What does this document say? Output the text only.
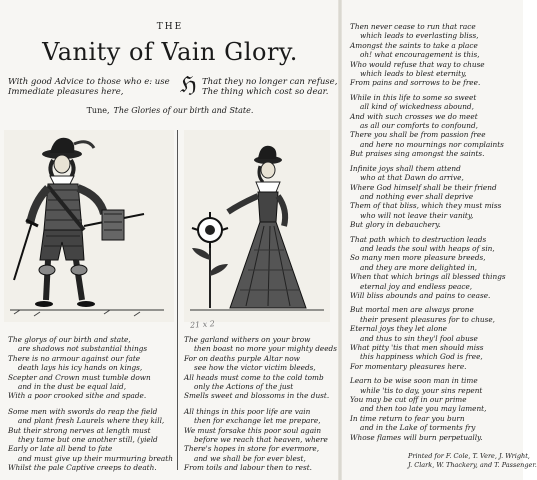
THE
Vanity of Vain Glory.
With good Advice to those who e: use
Immediate pleasures here,	ℌ That they no longer can refuse,
The thing which cost so dear.
Tune, The Glories of our birth and State.
21 x 2
The glorys of our birth and state,
are shadows not substantial things
There is no armour against our fate
death lays his icy hands on kings,
Scepter and Crown must tumble down
and in the dust be equal laid,
With a poor crooked sithe and spade.
Some men with swords do reap the field
and plant fresh Laurels where they kill,
But their strong nerves at length must
they tame but one another still, (yield
Early or late all bend to fate
and must give up their murmuring breath
Whilst the pale Captive creeps to death.
The garland withers on your brow
then boast no more your mighty deeds
For on deaths purple Altar now
see how the victor victim bleeds,
All heads must come to the cold tomb
only the Actions of the just
Smells sweet and blossoms in the dust.
All things in this poor life are vain
then for exchange let me prepare,
We must forsake this poor soul again
before we reach that heaven, where
There's hopes in store for evermore,
and we shall be for ever blest,
From toils and labour then to rest.
Then never cease to run that race
which leads to everlasting bliss,
Amongst the saints to take a place
oh! what encouragement is this,
Who would refuse that way to chuse
which leads to blest eternity,
From pains and sorrows to be free.
While in this life to some so sweet
all kind of wickedness abound,
And with such crosses we do meet
as all our comforts to confound,
There you shall be from passion free
and here no mournings nor complaints
But praises sing amongst the saints.
Infinite joys shall them attend
who at that Dawn do arrive,
Where God himself shall be their friend
and nothing ever shall deprive
Them of that bliss, which they must miss
who will not leave their vanity,
But glory in debauchery.
That path which to destruction leads
and leads the soul with heaps of sin,
So many men more pleasure breeds,
and they are more delighted in,
When that which brings all blessed things
eternal joy and endless peace,
Will bliss abounds and pains to cease.
But mortal men are always prone
their present pleasures for to chuse,
Eternal joys they let alone
and thus to sin they'l fool abuse
What pitty 'tis that men should miss
this happiness which God is free,
For momentary pleasures here.
Learn to be wise soon man in time
while 'tis to day, your sins repent
You may be cut off in our prime
and then too late you may lament,
In time return to fear you burn
and in the Lake of torments fry
Whose flames will burn perpetually.
Printed for F. Cole, T. Vere, J. Wright,
J. Clark, W. Thackery, and T. Passenger.
